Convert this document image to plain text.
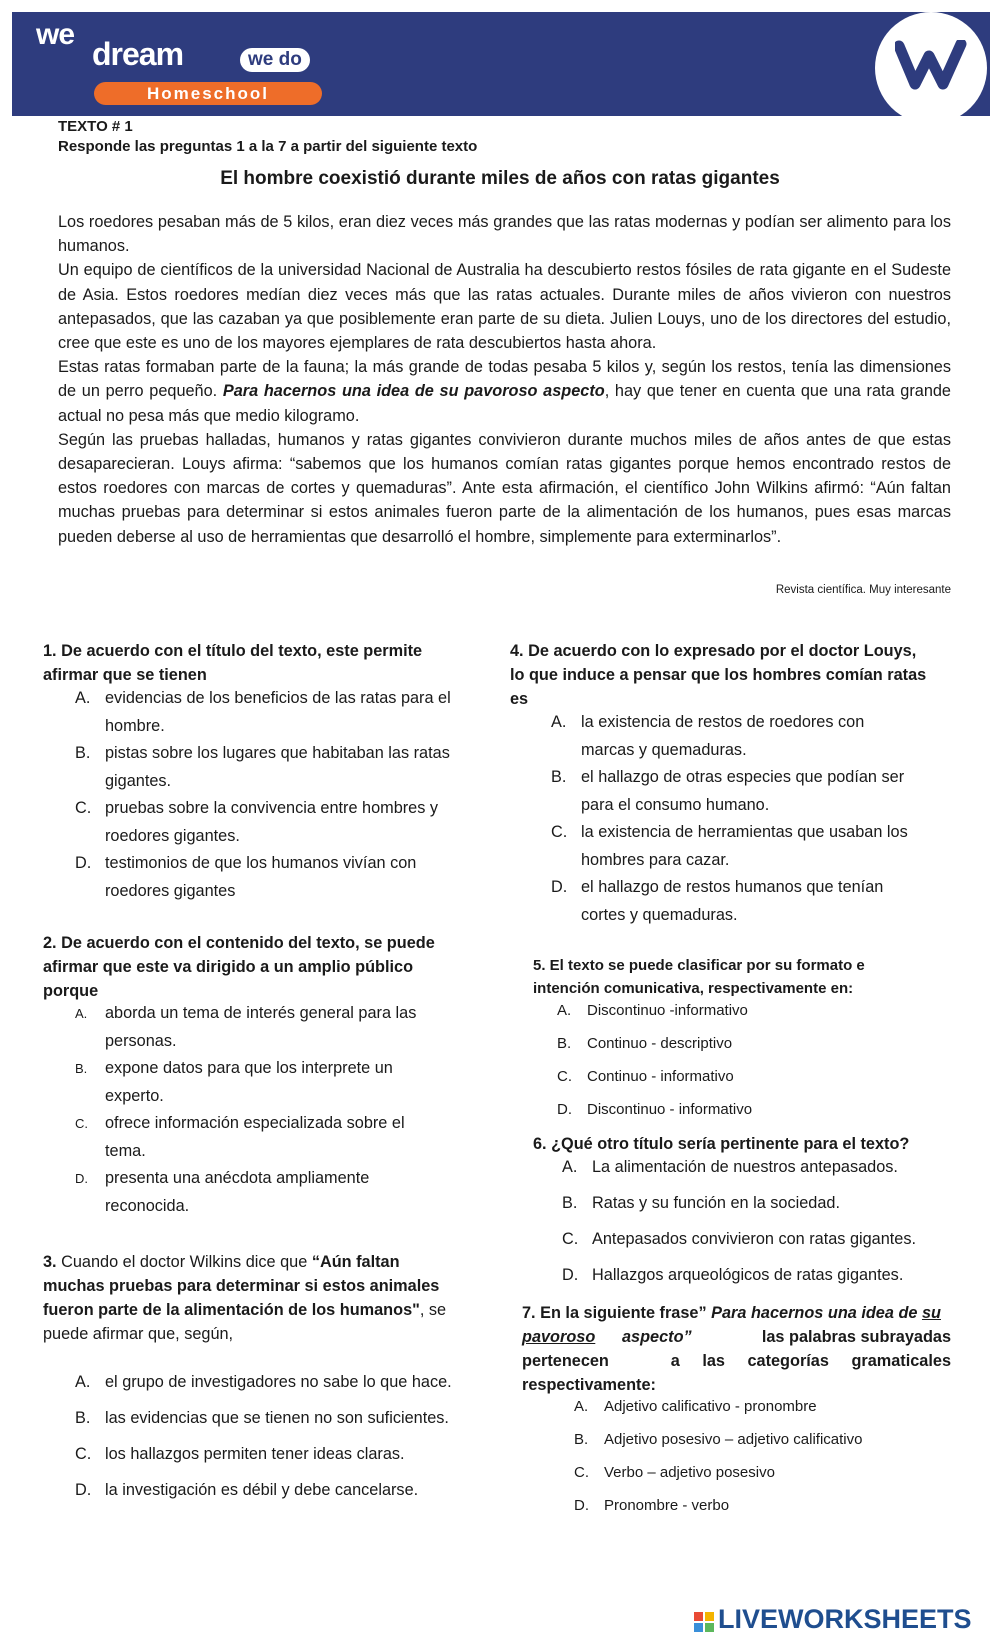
we
dream	we do
Homeschool
TEXTO # 1
Responde las preguntas 1 a la 7 a partir del siguiente texto
El hombre coexistió durante miles de años con ratas gigantes

Los roedores pesaban más de 5 kilos, eran diez veces más grandes que las ratas modernas y podían ser alimento para los humanos.

Un equipo de científicos de la universidad Nacional de Australia ha descubierto restos fósiles de rata gigante en el Sudeste de Asia. Estos roedores medían diez veces más que las ratas actuales. Durante miles de años vivieron con nuestros antepasados, que las cazaban ya que posiblemente eran parte de su dieta. Julien Louys, uno de los directores del estudio, cree que este es uno de los mayores ejemplares de rata descubiertos hasta ahora.

Estas ratas formaban parte de la fauna; la más grande de todas pesaba 5 kilos y, según los restos, tenía las dimensiones de un perro pequeño. Para hacernos una idea de su pavoroso aspecto, hay que tener en cuenta que una rata grande actual no pesa más que medio kilogramo.

Según las pruebas halladas, humanos y ratas gigantes convivieron durante muchos miles de años antes de que estas desaparecieran. Louys afirma: “sabemos que los humanos comían ratas gigantes porque hemos encontrado restos de estos roedores con marcas de cortes y quemaduras”. Ante esta afirmación, el científico John Wilkins afirmó: “Aún faltan muchas pruebas para determinar si estos animales fueron parte de la alimentación de los humanos, pues esas marcas pueden deberse al uso de herramientas que desarrolló el hombre, simplemente para exterminarlos”.

Revista científica. Muy interesante
1. De acuerdo con el título del texto, este permite
afirmar que se tienen
A. evidencias de los beneficios de las ratas para el
hombre.
B. pistas sobre los lugares que habitaban las ratas
gigantes.
C. pruebas sobre la convivencia entre hombres y
roedores gigantes.
D. testimonios de que los humanos vivían con
roedores gigantes
2. De acuerdo con el contenido del texto, se puede
afirmar que este va dirigido a un amplio público
porque
A. aborda un tema de interés general para las
personas.
B. expone datos para que los interprete un
experto.
C. ofrece información especializada sobre el
tema.
D. presenta una anécdota ampliamente
reconocida.
3. Cuando el doctor Wilkins dice que “Aún faltan
muchas pruebas para determinar si estos animales
fueron parte de la alimentación de los humanos", se
puede afirmar que, según,
A. el grupo de investigadores no sabe lo que hace.
B. las evidencias que se tienen no son suficientes.
C. los hallazgos permiten tener ideas claras.
D. la investigación es débil y debe cancelarse.
4. De acuerdo con lo expresado por el doctor Louys,
lo que induce a pensar que los hombres comían ratas
es
A. la existencia de restos de roedores con
marcas y quemaduras.
B. el hallazgo de otras especies que podían ser
para el consumo humano.
C. la existencia de herramientas que usaban los
hombres para cazar.
D. el hallazgo de restos humanos que tenían
cortes y quemaduras.
5. El texto se puede clasificar por su formato e
intención comunicativa, respectivamente en:
A. Discontinuo -informativo
B. Continuo - descriptivo
C. Continuo - informativo
D. Discontinuo - informativo
6. ¿Qué otro título sería pertinente para el texto?
A. La alimentación de nuestros antepasados.
B. Ratas y su función en la sociedad.
C. Antepasados convivieron con ratas gigantes.
D. Hallazgos arqueológicos de ratas gigantes.
7. En la siguiente frase” Para hacernos una idea de su
pavoroso aspecto”	las palabras subrayadas
pertenecen	a las categorías gramaticales
respectivamente:
A. Adjetivo calificativo - pronombre
B. Adjetivo posesivo – adjetivo calificativo
C. Verbo – adjetivo posesivo
D. Pronombre - verbo
LIVEWORKSHEETS
